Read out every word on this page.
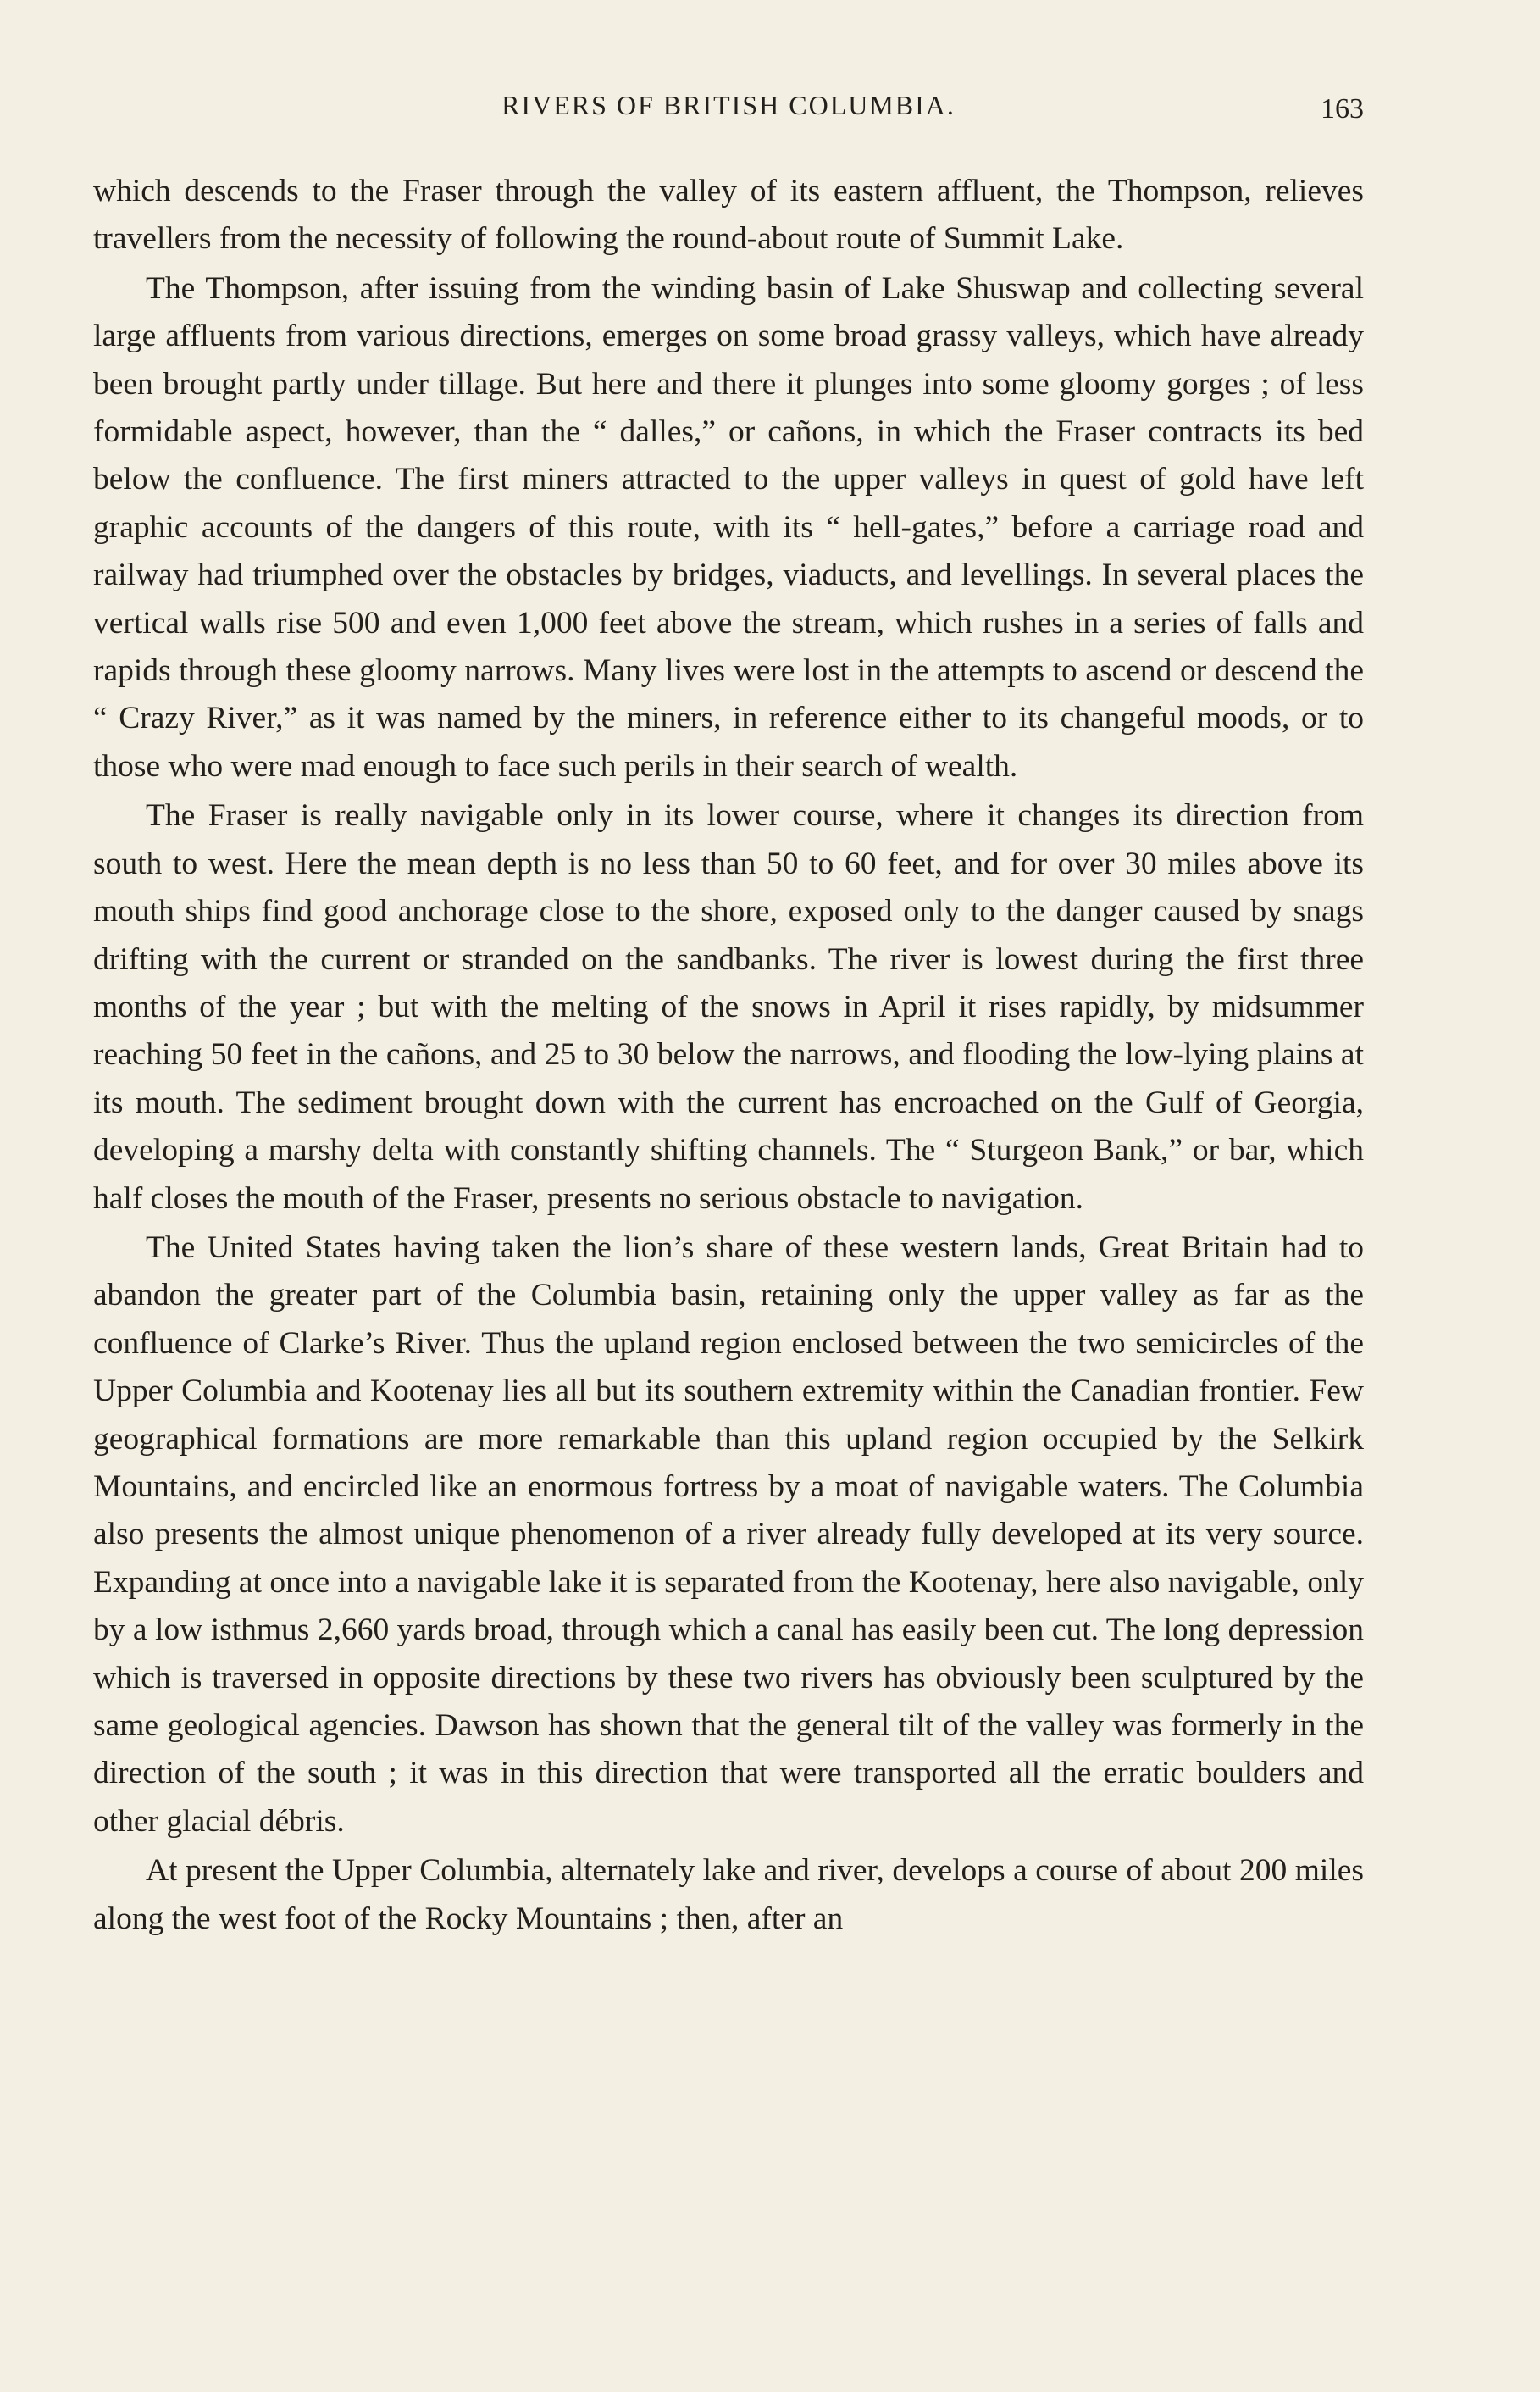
RIVERS OF BRITISH COLUMBIA.	163

which descends to the Fraser through the valley of its eastern affluent, the Thompson, relieves travellers from the necessity of following the round-about route of Summit Lake.

The Thompson, after issuing from the winding basin of Lake Shuswap and collecting several large affluents from various directions, emerges on some broad grassy valleys, which have already been brought partly under tillage. But here and there it plunges into some gloomy gorges ; of less formidable aspect, however, than the “ dalles,” or cañons, in which the Fraser contracts its bed below the confluence. The first miners attracted to the upper valleys in quest of gold have left graphic accounts of the dangers of this route, with its “ hell-gates,” before a carriage road and railway had triumphed over the obstacles by bridges, viaducts, and levellings. In several places the vertical walls rise 500 and even 1,000 feet above the stream, which rushes in a series of falls and rapids through these gloomy narrows. Many lives were lost in the attempts to ascend or descend the “ Crazy River,” as it was named by the miners, in reference either to its changeful moods, or to those who were mad enough to face such perils in their search of wealth.

The Fraser is really navigable only in its lower course, where it changes its direction from south to west. Here the mean depth is no less than 50 to 60 feet, and for over 30 miles above its mouth ships find good anchorage close to the shore, exposed only to the danger caused by snags drifting with the current or stranded on the sandbanks. The river is lowest during the first three months of the year ; but with the melting of the snows in April it rises rapidly, by midsummer reaching 50 feet in the cañons, and 25 to 30 below the narrows, and flooding the low-lying plains at its mouth. The sediment brought down with the current has encroached on the Gulf of Georgia, developing a marshy delta with constantly shifting channels. The “ Sturgeon Bank,” or bar, which half closes the mouth of the Fraser, presents no serious obstacle to navigation.

The United States having taken the lion’s share of these western lands, Great Britain had to abandon the greater part of the Columbia basin, retaining only the upper valley as far as the confluence of Clarke’s River. Thus the upland region enclosed between the two semicircles of the Upper Columbia and Kootenay lies all but its southern extremity within the Canadian frontier. Few geographical formations are more remarkable than this upland region occupied by the Selkirk Mountains, and encircled like an enormous fortress by a moat of navigable waters. The Columbia also presents the almost unique phenomenon of a river already fully developed at its very source. Expanding at once into a navigable lake it is separated from the Kootenay, here also navigable, only by a low isthmus 2,660 yards broad, through which a canal has easily been cut. The long depression which is traversed in opposite directions by these two rivers has obviously been sculptured by the same geological agencies. Dawson has shown that the general tilt of the valley was formerly in the direction of the south ; it was in this direction that were transported all the erratic boulders and other glacial débris.

At present the Upper Columbia, alternately lake and river, develops a course of about 200 miles along the west foot of the Rocky Mountains ; then, after an
